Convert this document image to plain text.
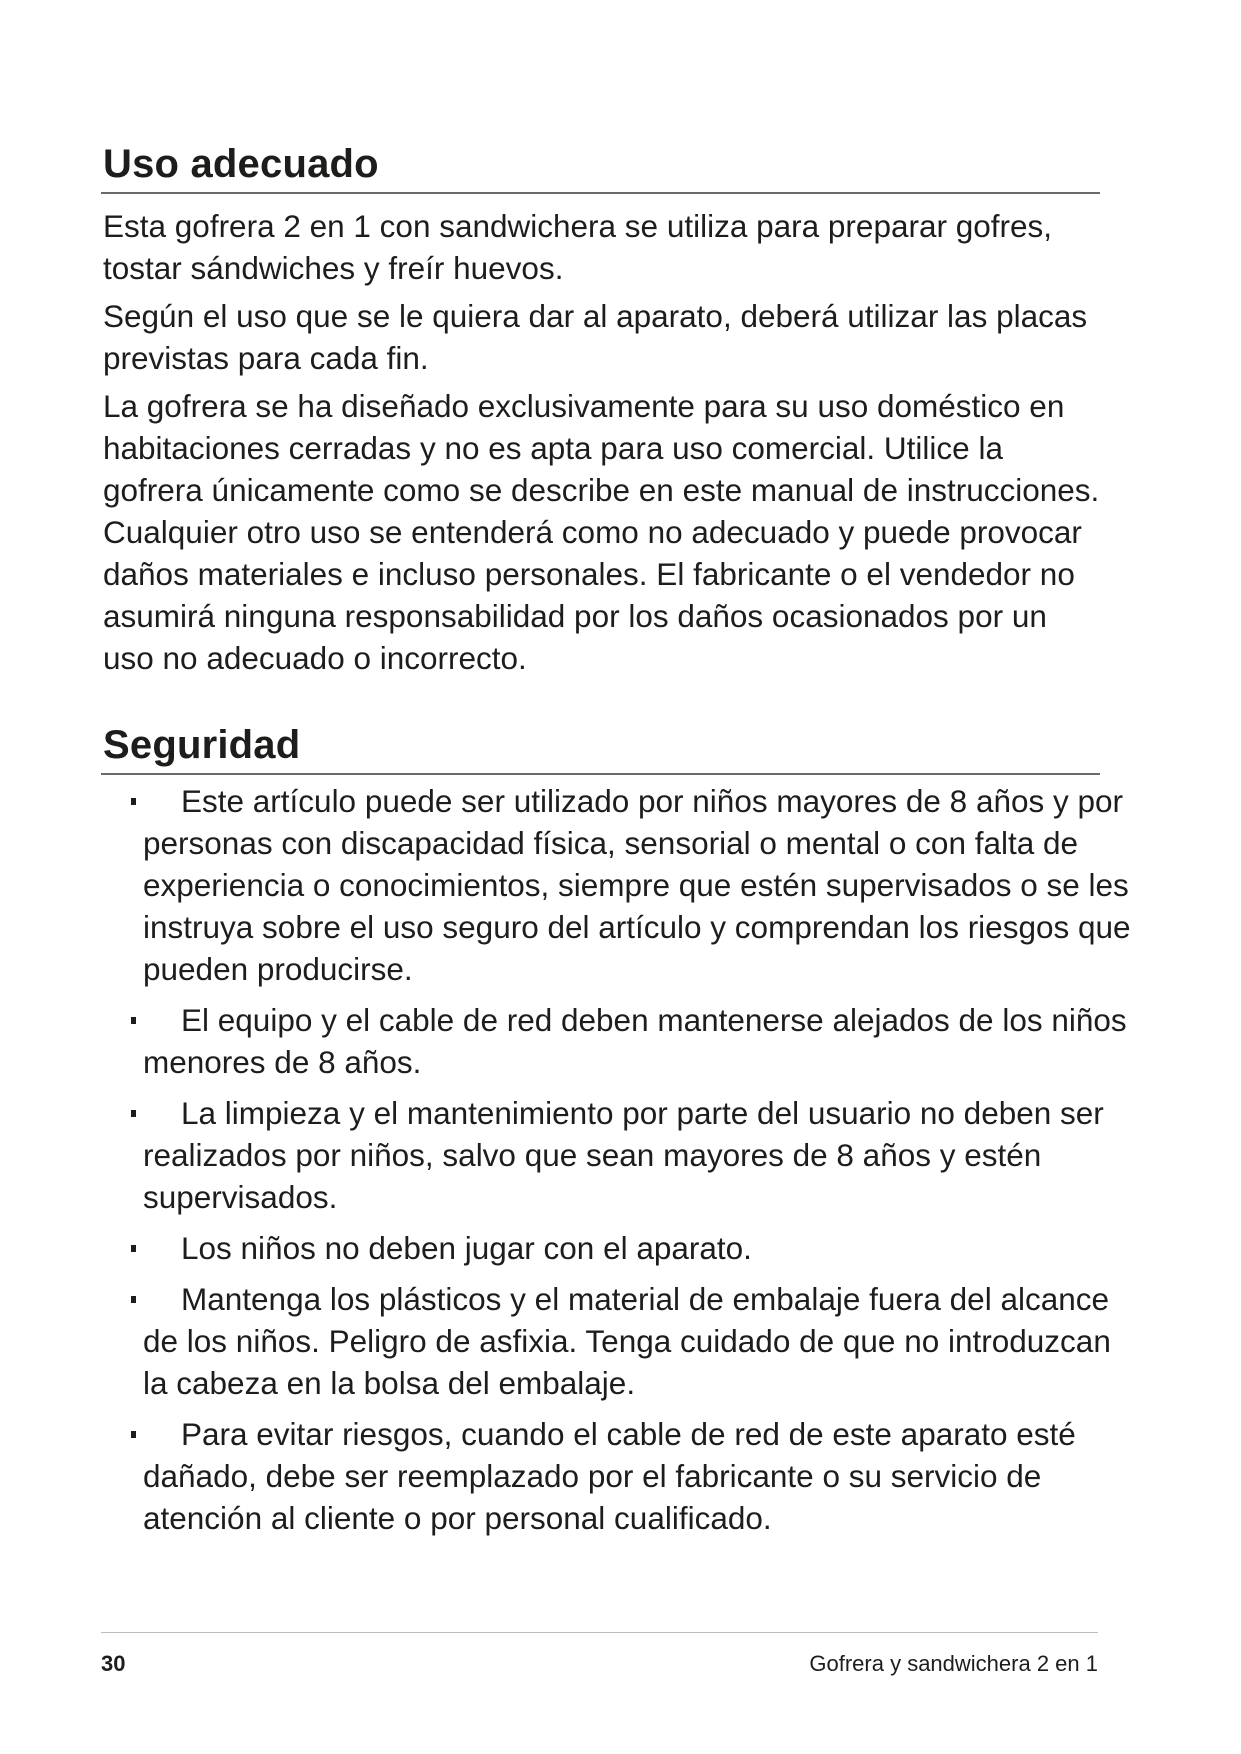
Uso adecuado

Esta gofrera 2 en 1 con sandwichera se utiliza para preparar gofres, tostar sándwiches y freír huevos.

Según el uso que se le quiera dar al aparato, deberá utilizar las placas previstas para cada fin.

La gofrera se ha diseñado exclusivamente para su uso doméstico en habitaciones cerradas y no es apta para uso comercial. Utilice la gofrera únicamente como se describe en este manual de instrucciones. Cualquier otro uso se entenderá como no adecuado y puede provocar daños materiales e incluso personales. El fabricante o el vendedor no asumirá ninguna responsabilidad por los daños ocasionados por un uso no adecuado o incorrecto.

Seguridad
Este artículo puede ser utilizado por niños mayores de 8 años y por personas con discapacidad física, sensorial o mental o con falta de experiencia o conocimientos, siempre que estén supervisados o se les instruya sobre el uso seguro del artículo y comprendan los riesgos que pueden producirse.
El equipo y el cable de red deben mantenerse alejados de los niños menores de 8 años.
La limpieza y el mantenimiento por parte del usuario no deben ser realizados por niños, salvo que sean mayores de 8 años y estén supervisados.
Los niños no deben jugar con el aparato.
Mantenga los plásticos y el material de embalaje fuera del alcance de los niños. Peligro de asfixia. Tenga cuidado de que no introduzcan la cabeza en la bolsa del embalaje.
Para evitar riesgos, cuando el cable de red de este aparato esté dañado, debe ser reemplazado por el fabricante o su servicio de atención al cliente o por personal cualificado.
30	Gofrera y sandwichera 2 en 1
